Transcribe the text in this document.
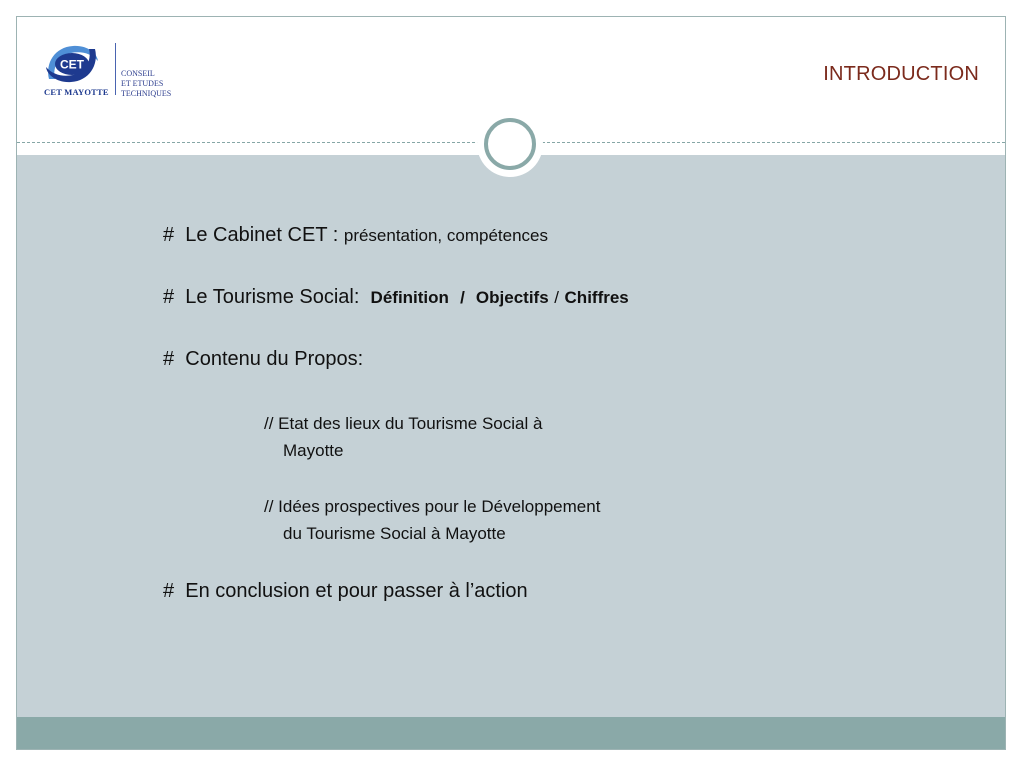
CET
CET MAYOTTE
CONSEIL
ET ETUDES
TECHNIQUES
INTRODUCTION
# Le Cabinet CET : présentation, compétences
# Le Tourisme Social: Définition / Objectifs / Chiffres
# Contenu du Propos:
// Etat des lieux du Tourisme Social à
Mayotte
// Idées prospectives pour le Développement
du Tourisme Social à Mayotte
# En conclusion et pour passer à l’action
